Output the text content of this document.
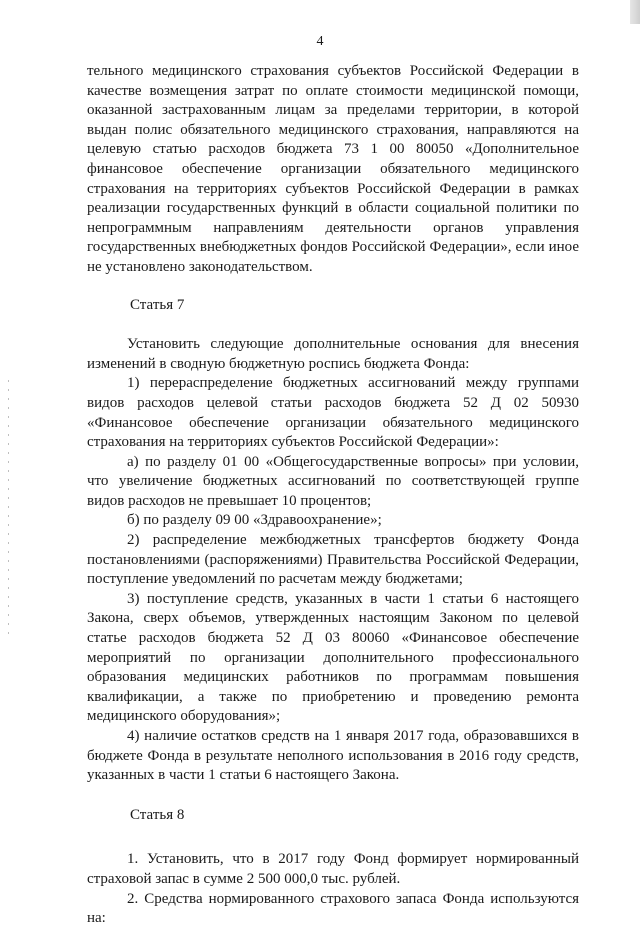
4

тельного медицинского страхования субъектов Российской Федерации в качестве возмещения затрат по оплате стоимости медицинской помощи, оказанной застрахованным лицам за пределами территории, в которой выдан полис обязательного медицинского страхования, направляются на целевую статью расходов бюджета 73 1 00 80050 «Дополнительное финансовое обеспечение организации обязательного медицинского страхования на территориях субъектов Российской Федерации в рамках реализации государственных функций в области социальной политики по непрограммным направлениям деятельности органов управления государственных внебюджетных фондов Российской Федерации», если иное не установлено законодательством.

Статья 7

Установить следующие дополнительные основания для внесения изменений в сводную бюджетную роспись бюджета Фонда:

1) перераспределение бюджетных ассигнований между группами видов расходов целевой статьи расходов бюджета 52 Д 02 50930 «Финансовое обеспечение организации обязательного медицинского страхования на территориях субъектов Российской Федерации»:

а) по разделу 01 00 «Общегосударственные вопросы» при условии, что увеличение бюджетных ассигнований по соответствующей группе видов расходов не превышает 10 процентов;

б) по разделу 09 00 «Здравоохранение»;

2) распределение межбюджетных трансфертов бюджету Фонда постановлениями (распоряжениями) Правительства Российской Федерации, поступление уведомлений по расчетам между бюджетами;

3) поступление средств, указанных в части 1 статьи 6 настоящего Закона, сверх объемов, утвержденных настоящим Законом по целевой статье расходов бюджета 52 Д 03 80060 «Финансовое обеспечение мероприятий по организации дополнительного профессионального образования медицинских работников по программам повышения квалификации, а также по приобретению и проведению ремонта медицинского оборудования»;

4) наличие остатков средств на 1 января 2017 года, образовавшихся в бюджете Фонда в результате неполного использования в 2016 году средств, указанных в части 1 статьи 6 настоящего Закона.

Статья 8

1. Установить, что в 2017 году Фонд формирует нормированный страховой запас в сумме 2 500 000,0 тыс. рублей.

2. Средства нормированного страхового запаса Фонда используются на:
